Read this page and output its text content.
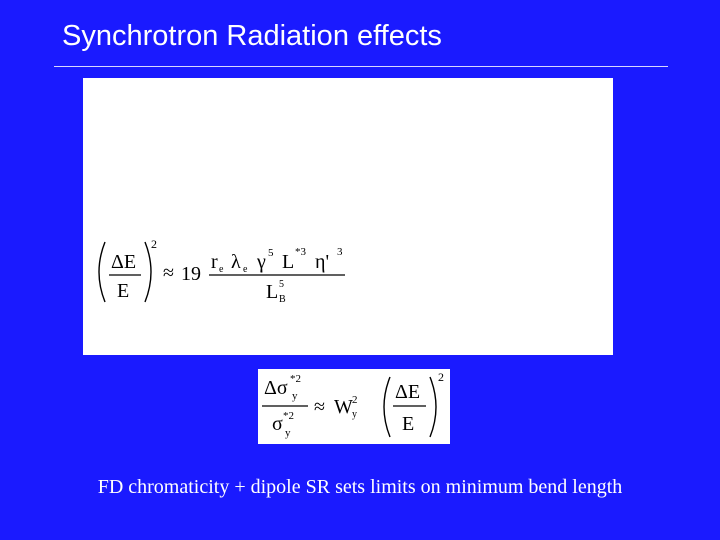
Synchrotron Radiation effects
ΔE
E
2
≈ 19
r e λ e γ 5 L *3 η' 3
L 5
B
Δσ *2
y
σ *2
y
≈ W y
2 ΔE
E
2
FD chromaticity + dipole SR sets limits on minimum bend length
